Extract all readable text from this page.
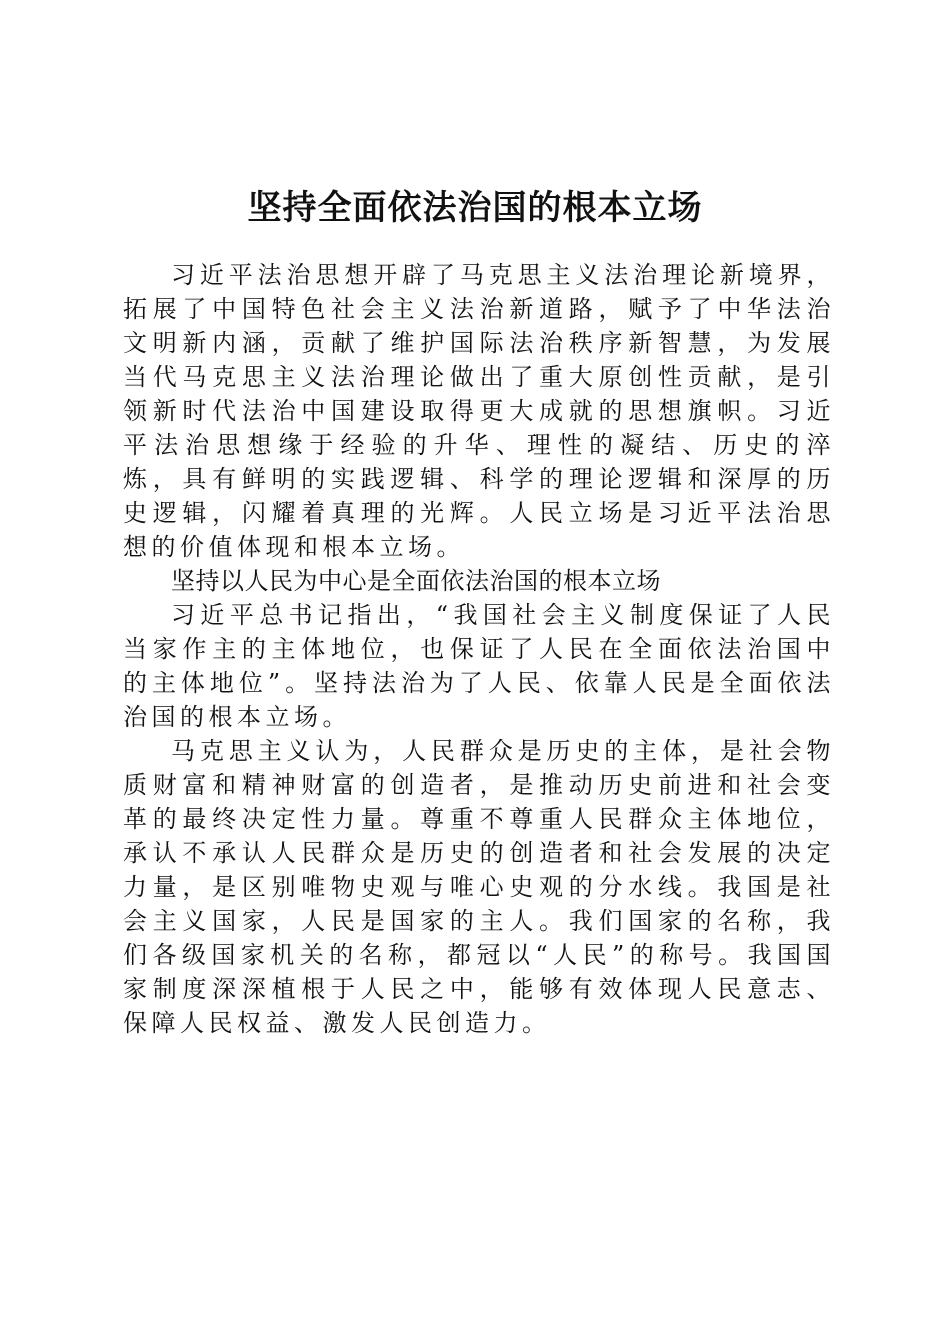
坚持全面依法治国的根本立场

习近平法治思想开辟了马克思主义法治理论新境界，拓展了中国特色社会主义法治新道路，赋予了中华法治文明新内涵，贡献了维护国际法治秩序新智慧，为发展当代马克思主义法治理论做出了重大原创性贡献，是引领新时代法治中国建设取得更大成就的思想旗帜。习近平法治思想缘于经验的升华、理性的凝结、历史的淬炼，具有鲜明的实践逻辑、科学的理论逻辑和深厚的历史逻辑，闪耀着真理的光辉。人民立场是习近平法治思想的价值体现和根本立场。

坚持以人民为中心是全面依法治国的根本立场

习近平总书记指出，“我国社会主义制度保证了人民当家作主的主体地位，也保证了人民在全面依法治国中的主体地位”。坚持法治为了人民、依靠人民是全面依法治国的根本立场。

马克思主义认为，人民群众是历史的主体，是社会物质财富和精神财富的创造者，是推动历史前进和社会变革的最终决定性力量。尊重不尊重人民群众主体地位，承认不承认人民群众是历史的创造者和社会发展的决定力量，是区别唯物史观与唯心史观的分水线。我国是社会主义国家，人民是国家的主人。我们国家的名称，我们各级国家机关的名称，都冠以“人民”的称号。我国国家制度深深植根于人民之中，能够有效体现人民意志、保障人民权益、激发人民创造力。
